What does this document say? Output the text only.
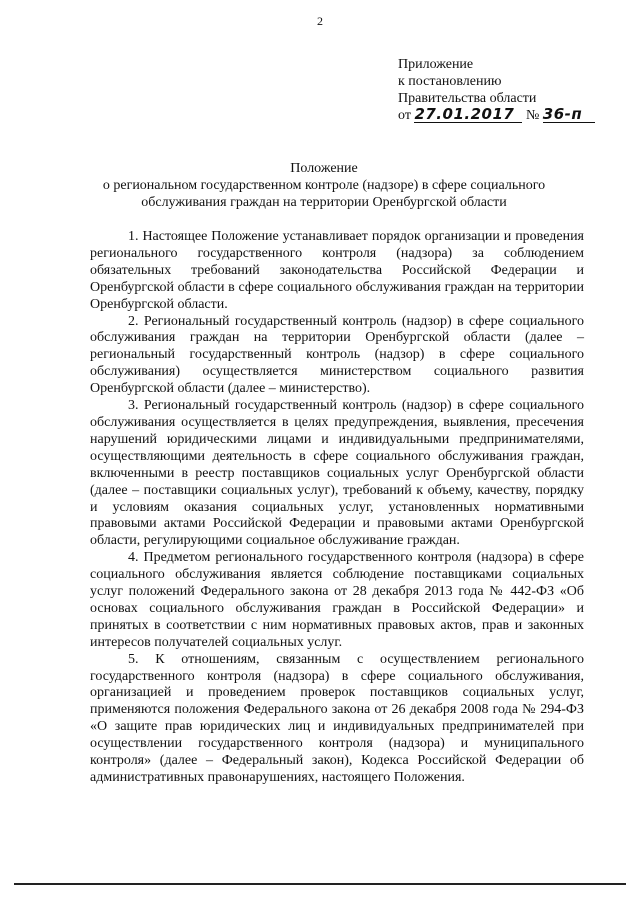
2
Приложение
к постановлению
Правительства области
от 27.01.2017 № 36-п
Положение
о региональном государственном контроле (надзоре) в сфере социального
обслуживания граждан на территории Оренбургской области

1. Настоящее Положение устанавливает порядок организации и проведения регионального государственного контроля (надзора) за соблюдением обязательных требований законодательства Российской Федерации и Оренбургской области в сфере социального обслуживания граждан на территории Оренбургской области.

2. Региональный государственный контроль (надзор) в сфере социального обслуживания граждан на территории Оренбургской области (далее – региональный государственный контроль (надзор) в сфере социального обслуживания) осуществляется министерством социального развития Оренбургской области (далее – министерство).

3. Региональный государственный контроль (надзор) в сфере социального обслуживания осуществляется в целях предупреждения, выявления, пресечения нарушений юридическими лицами и индивидуальными предпринимателями, осуществляющими деятельность в сфере социального обслуживания граждан, включенными в реестр поставщиков социальных услуг Оренбургской области (далее – поставщики социальных услуг), требований к объему, качеству, порядку и условиям оказания социальных услуг, установленных нормативными правовыми актами Российской Федерации и правовыми актами Оренбургской области, регулирующими социальное обслуживание граждан.

4. Предметом регионального государственного контроля (надзора) в сфере социального обслуживания является соблюдение поставщиками социальных услуг положений Федерального закона от 28 декабря 2013 года № 442-ФЗ «Об основах социального обслуживания граждан в Российской Федерации» и принятых в соответствии с ним нормативных правовых актов, прав и законных интересов получателей социальных услуг.

5. К отношениям, связанным с осуществлением регионального государственного контроля (надзора) в сфере социального обслуживания, организацией и проведением проверок поставщиков социальных услуг, применяются положения Федерального закона от 26 декабря 2008 года № 294-ФЗ «О защите прав юридических лиц и индивидуальных предпринимателей при осуществлении государственного контроля (надзора) и муниципального контроля» (далее – Федеральный закон), Кодекса Российской Федерации об административных правонарушениях, настоящего Положения.
